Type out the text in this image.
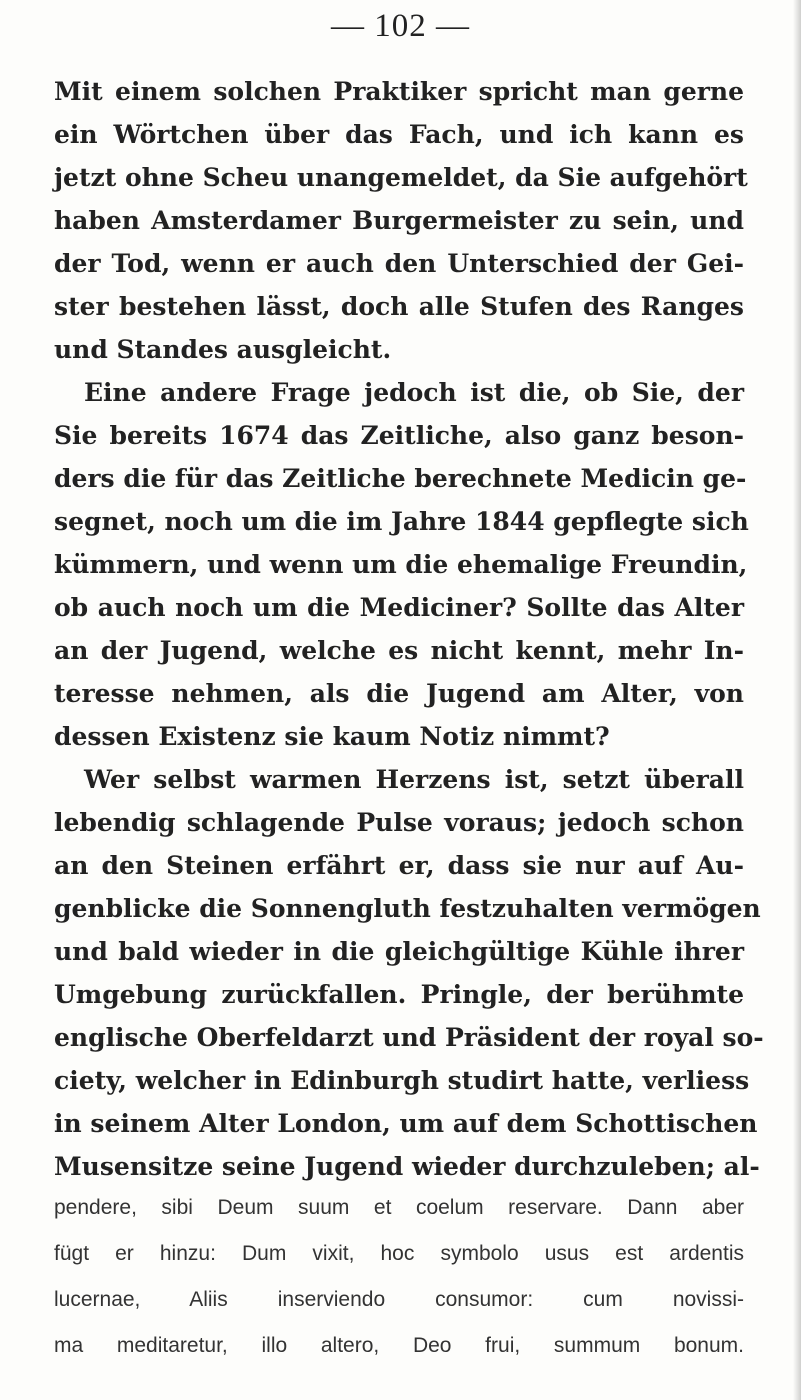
— 102 —
Mit einem solchen Praktiker spricht man gerne
ein Wörtchen über das Fach, und ich kann es
jetzt ohne Scheu unangemeldet, da Sie aufgehört
haben Amsterdamer Burgermeister zu sein, und
der Tod, wenn er auch den Unterschied der Gei-
ster bestehen lässt, doch alle Stufen des Ranges
und Standes ausgleicht.
Eine andere Frage jedoch ist die, ob Sie, der
Sie bereits 1674 das Zeitliche, also ganz beson-
ders die für das Zeitliche berechnete Medicin ge-
segnet, noch um die im Jahre 1844 gepflegte sich
kümmern, und wenn um die ehemalige Freundin,
ob auch noch um die Mediciner? Sollte das Alter
an der Jugend, welche es nicht kennt, mehr In-
teresse nehmen, als die Jugend am Alter, von
dessen Existenz sie kaum Notiz nimmt?
Wer selbst warmen Herzens ist, setzt überall
lebendig schlagende Pulse voraus; jedoch schon
an den Steinen erfährt er, dass sie nur auf Au-
genblicke die Sonnengluth festzuhalten vermögen
und bald wieder in die gleichgültige Kühle ihrer
Umgebung zurückfallen. Pringle, der berühmte
englische Oberfeldarzt und Präsident der royal so-
ciety, welcher in Edinburgh studirt hatte, verliess
in seinem Alter London, um auf dem Schottischen
Musensitze seine Jugend wieder durchzuleben; al-
pendere, sibi Deum suum et coelum reservare. Dann aber
fügt er hinzu: Dum vixit, hoc symbolo usus est ardentis
lucernae, Aliis inserviendo consumor: cum novissi-
ma meditaretur, illo altero, Deo frui, summum bonum.
